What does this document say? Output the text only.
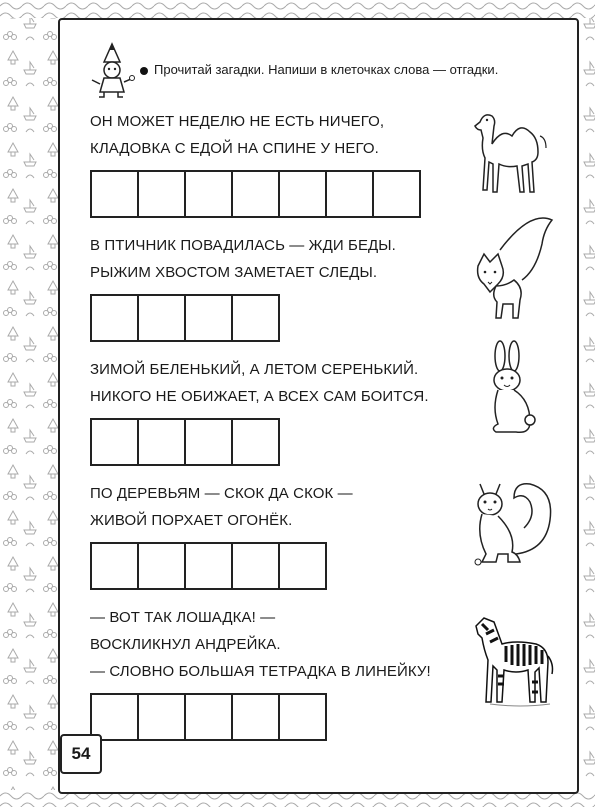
Прочитай загадки. Напиши в клеточках слова — отгадки.
ОН МОЖЕТ НЕДЕЛЮ НЕ ЕСТЬ НИЧЕГО,
КЛАДОВКА С ЕДОЙ НА СПИНЕ У НЕГО.
В ПТИЧНИК ПОВАДИЛАСЬ — ЖДИ БЕДЫ.
РЫЖИМ ХВОСТОМ ЗАМЕТАЕТ СЛЕДЫ.
ЗИМОЙ БЕЛЕНЬКИЙ, А ЛЕТОМ СЕРЕНЬКИЙ.
НИКОГО НЕ ОБИЖАЕТ, А ВСЕХ САМ БОИТСЯ.
ПО ДЕРЕВЬЯМ — СКОК ДА СКОК —
ЖИВОЙ ПОРХАЕТ ОГОНЁК.
— ВОТ ТАК ЛОШАДКА! —
ВОСКЛИКНУЛ АНДРЕЙКА.
— СЛОВНО БОЛЬШАЯ ТЕТРАДКА В ЛИНЕЙКУ!
54
